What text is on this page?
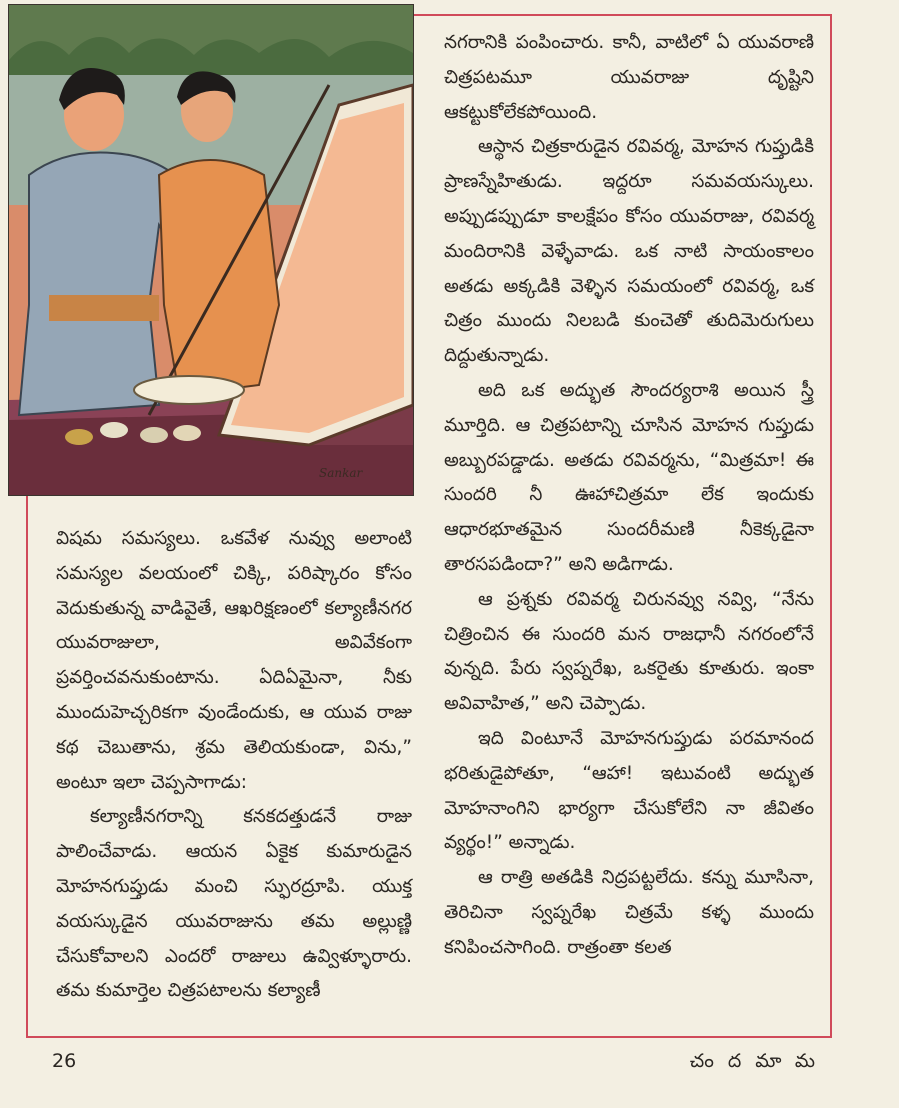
Sankar

నగరానికి పంపించారు. కానీ, వాటిలో ఏ యువరాణి చిత్రపటమూ యువరాజు దృష్టిని ఆకట్టుకోలేకపోయింది.

ఆస్థాన చిత్రకారుడైన రవివర్మ, మోహన గుప్తుడికి ప్రాణస్నేహితుడు. ఇద్దరూ సమవయస్కులు. అప్పుడప్పుడూ కాలక్షేపం కోసం యువరాజు, రవివర్మ మందిరానికి వెళ్ళేవాడు. ఒక నాటి సాయంకాలం అతడు అక్కడికి వెళ్ళిన సమయంలో రవివర్మ, ఒక చిత్రం ముందు నిలబడి కుంచెతో తుదిమెరుగులు దిద్దుతున్నాడు.

అది ఒక అద్భుత సౌందర్యరాశి అయిన స్త్రీ మూర్తిది. ఆ చిత్రపటాన్ని చూసిన మోహన గుప్తుడు అబ్బురపడ్డాడు. అతడు రవివర్మను, “మిత్రమా! ఈ సుందరి నీ ఊహాచిత్రమా లేక ఇందుకు ఆధారభూతమైన సుందరీమణి నీకెక్కడైనా తారసపడిందా?” అని అడిగాడు.

ఆ ప్రశ్నకు రవివర్మ చిరునవ్వు నవ్వి, “నేను చిత్రించిన ఈ సుందరి మన రాజధానీ నగరంలోనే వున్నది. పేరు స్వప్నరేఖ, ఒకరైతు కూతురు. ఇంకా అవివాహిత,” అని చెప్పాడు.

ఇది వింటూనే మోహనగుప్తుడు పరమానంద భరితుడైపోతూ, “ఆహా! ఇటువంటి అద్భుత మోహనాంగిని భార్యగా చేసుకోలేని నా జీవితం వ్యర్థం!” అన్నాడు.

ఆ రాత్రి అతడికి నిద్రపట్టలేదు. కన్ను మూసినా, తెరిచినా స్వప్నరేఖ చిత్రమే కళ్ళ ముందు కనిపించసాగింది. రాత్రంతా కలత

విషమ సమస్యలు. ఒకవేళ నువ్వు అలాంటి సమస్యల వలయంలో చిక్కి, పరిష్కారం కోసం వెదుకుతున్న వాడివైతే, ఆఖరిక్షణంలో కల్యాణీనగర యువరాజులా, అవివేకంగా ప్రవర్తించవనుకుంటాను. ఏదిఏమైనా, నీకు ముందుహెచ్చరికగా వుండేందుకు, ఆ యువ రాజు కథ చెబుతాను, శ్రమ తెలియకుండా, విను,” అంటూ ఇలా చెప్పసాగాడు:

కల్యాణీనగరాన్ని కనకదత్తుడనే రాజు పాలించేవాడు. ఆయన ఏకైక కుమారుడైన మోహనగుప్తుడు మంచి స్ఫురద్రూపి. యుక్త వయస్కుడైన యువరాజును తమ అల్లుణ్ణి చేసుకోవాలని ఎందరో రాజులు ఉవ్విళ్ళూరారు. తమ కుమార్తెల చిత్రపటాలను కల్యాణీ

26	చందమామ
